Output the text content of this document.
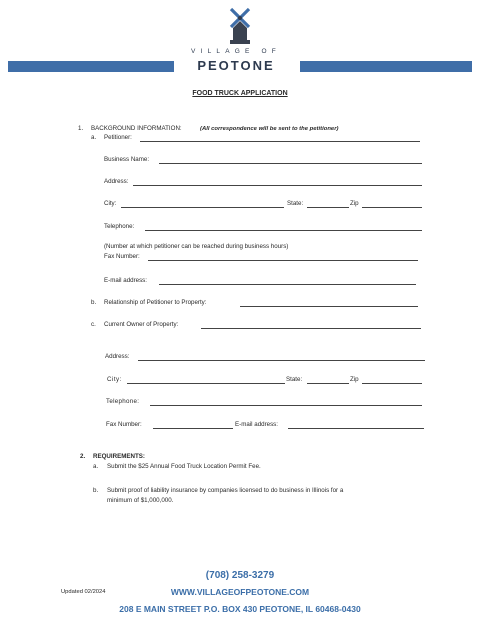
VILLAGE OF
PEOTONE
FOOD TRUCK APPLICATION
1. BACKGROUND INFORMATION:	(All correspondence will be sent to the petitioner)
a. Petitioner:
Business Name:
Address:
City:	State:	Zip
Telephone:
(Number at which petitioner can be reached during business hours)
Fax Number:
E-mail address:
b. Relationship of Petitioner to Property:
c. Current Owner of Property:
Address:
City:	State:	Zip
Telephone:
Fax Number:	E-mail address:
2. REQUIREMENTS:
a. Submit the $25 Annual Food Truck Location Permit Fee.
b. Submit proof of liability insurance by companies licensed to do business in Illinois for a
minimum of $1,000,000.
(708) 258-3279
Updated 02/2024	WWW.VILLAGEOFPEOTONE.COM
208 E MAIN STREET P.O. BOX 430 PEOTONE, IL 60468-0430
